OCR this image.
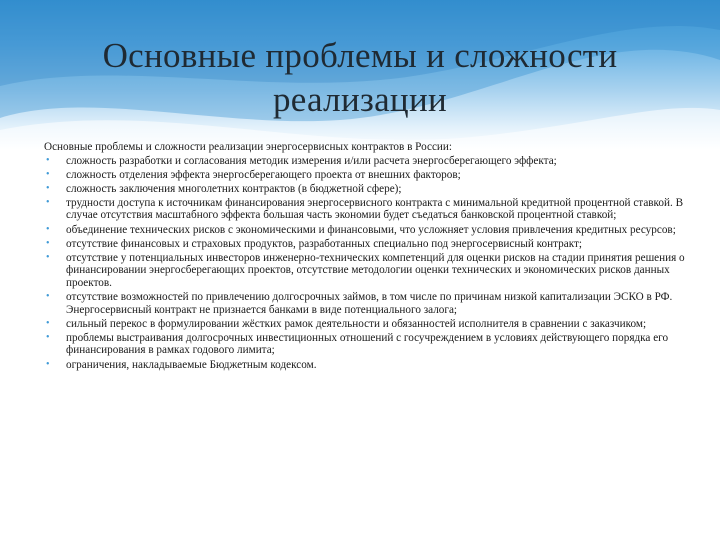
Основные проблемы и сложности реализации
Основные проблемы и сложности реализации энергосервисных контрактов в России:
• сложность разработки и согласования методик измерения и/или расчета энергосберегающего эффекта;
• сложность отделения эффекта энергосберегающего проекта от внешних факторов;
• сложность заключения многолетних контрактов (в бюджетной сфере);
• трудности доступа к источникам финансирования энергосервисного контракта с минимальной кредитной процентной ставкой. В случае отсутствия масштабного эффекта большая часть экономии будет съедаться банковской процентной ставкой;
• объединение технических рисков с экономическими и финансовыми, что усложняет условия привлечения кредитных ресурсов;
• отсутствие финансовых и страховых продуктов, разработанных специально под энергосервисный контракт;
• отсутствие у потенциальных инвесторов инженерно-технических компетенций для оценки рисков на стадии принятия решения о финансировании энергосберегающих проектов, отсутствие методологии оценки технических и экономических рисков данных проектов.
• отсутствие возможностей по привлечению долгосрочных займов, в том числе по причинам низкой капитализации ЭСКО в РФ. Энергосервисный контракт не признается банками в виде потенциального залога;
• сильный перекос в формулировании жёстких рамок деятельности и обязанностей исполнителя в сравнении с заказчиком;
• проблемы выстраивания долгосрочных инвестиционных отношений с госучреждением в условиях действующего порядка его финансирования в рамках годового лимита;
• ограничения, накладываемые Бюджетным кодексом.
